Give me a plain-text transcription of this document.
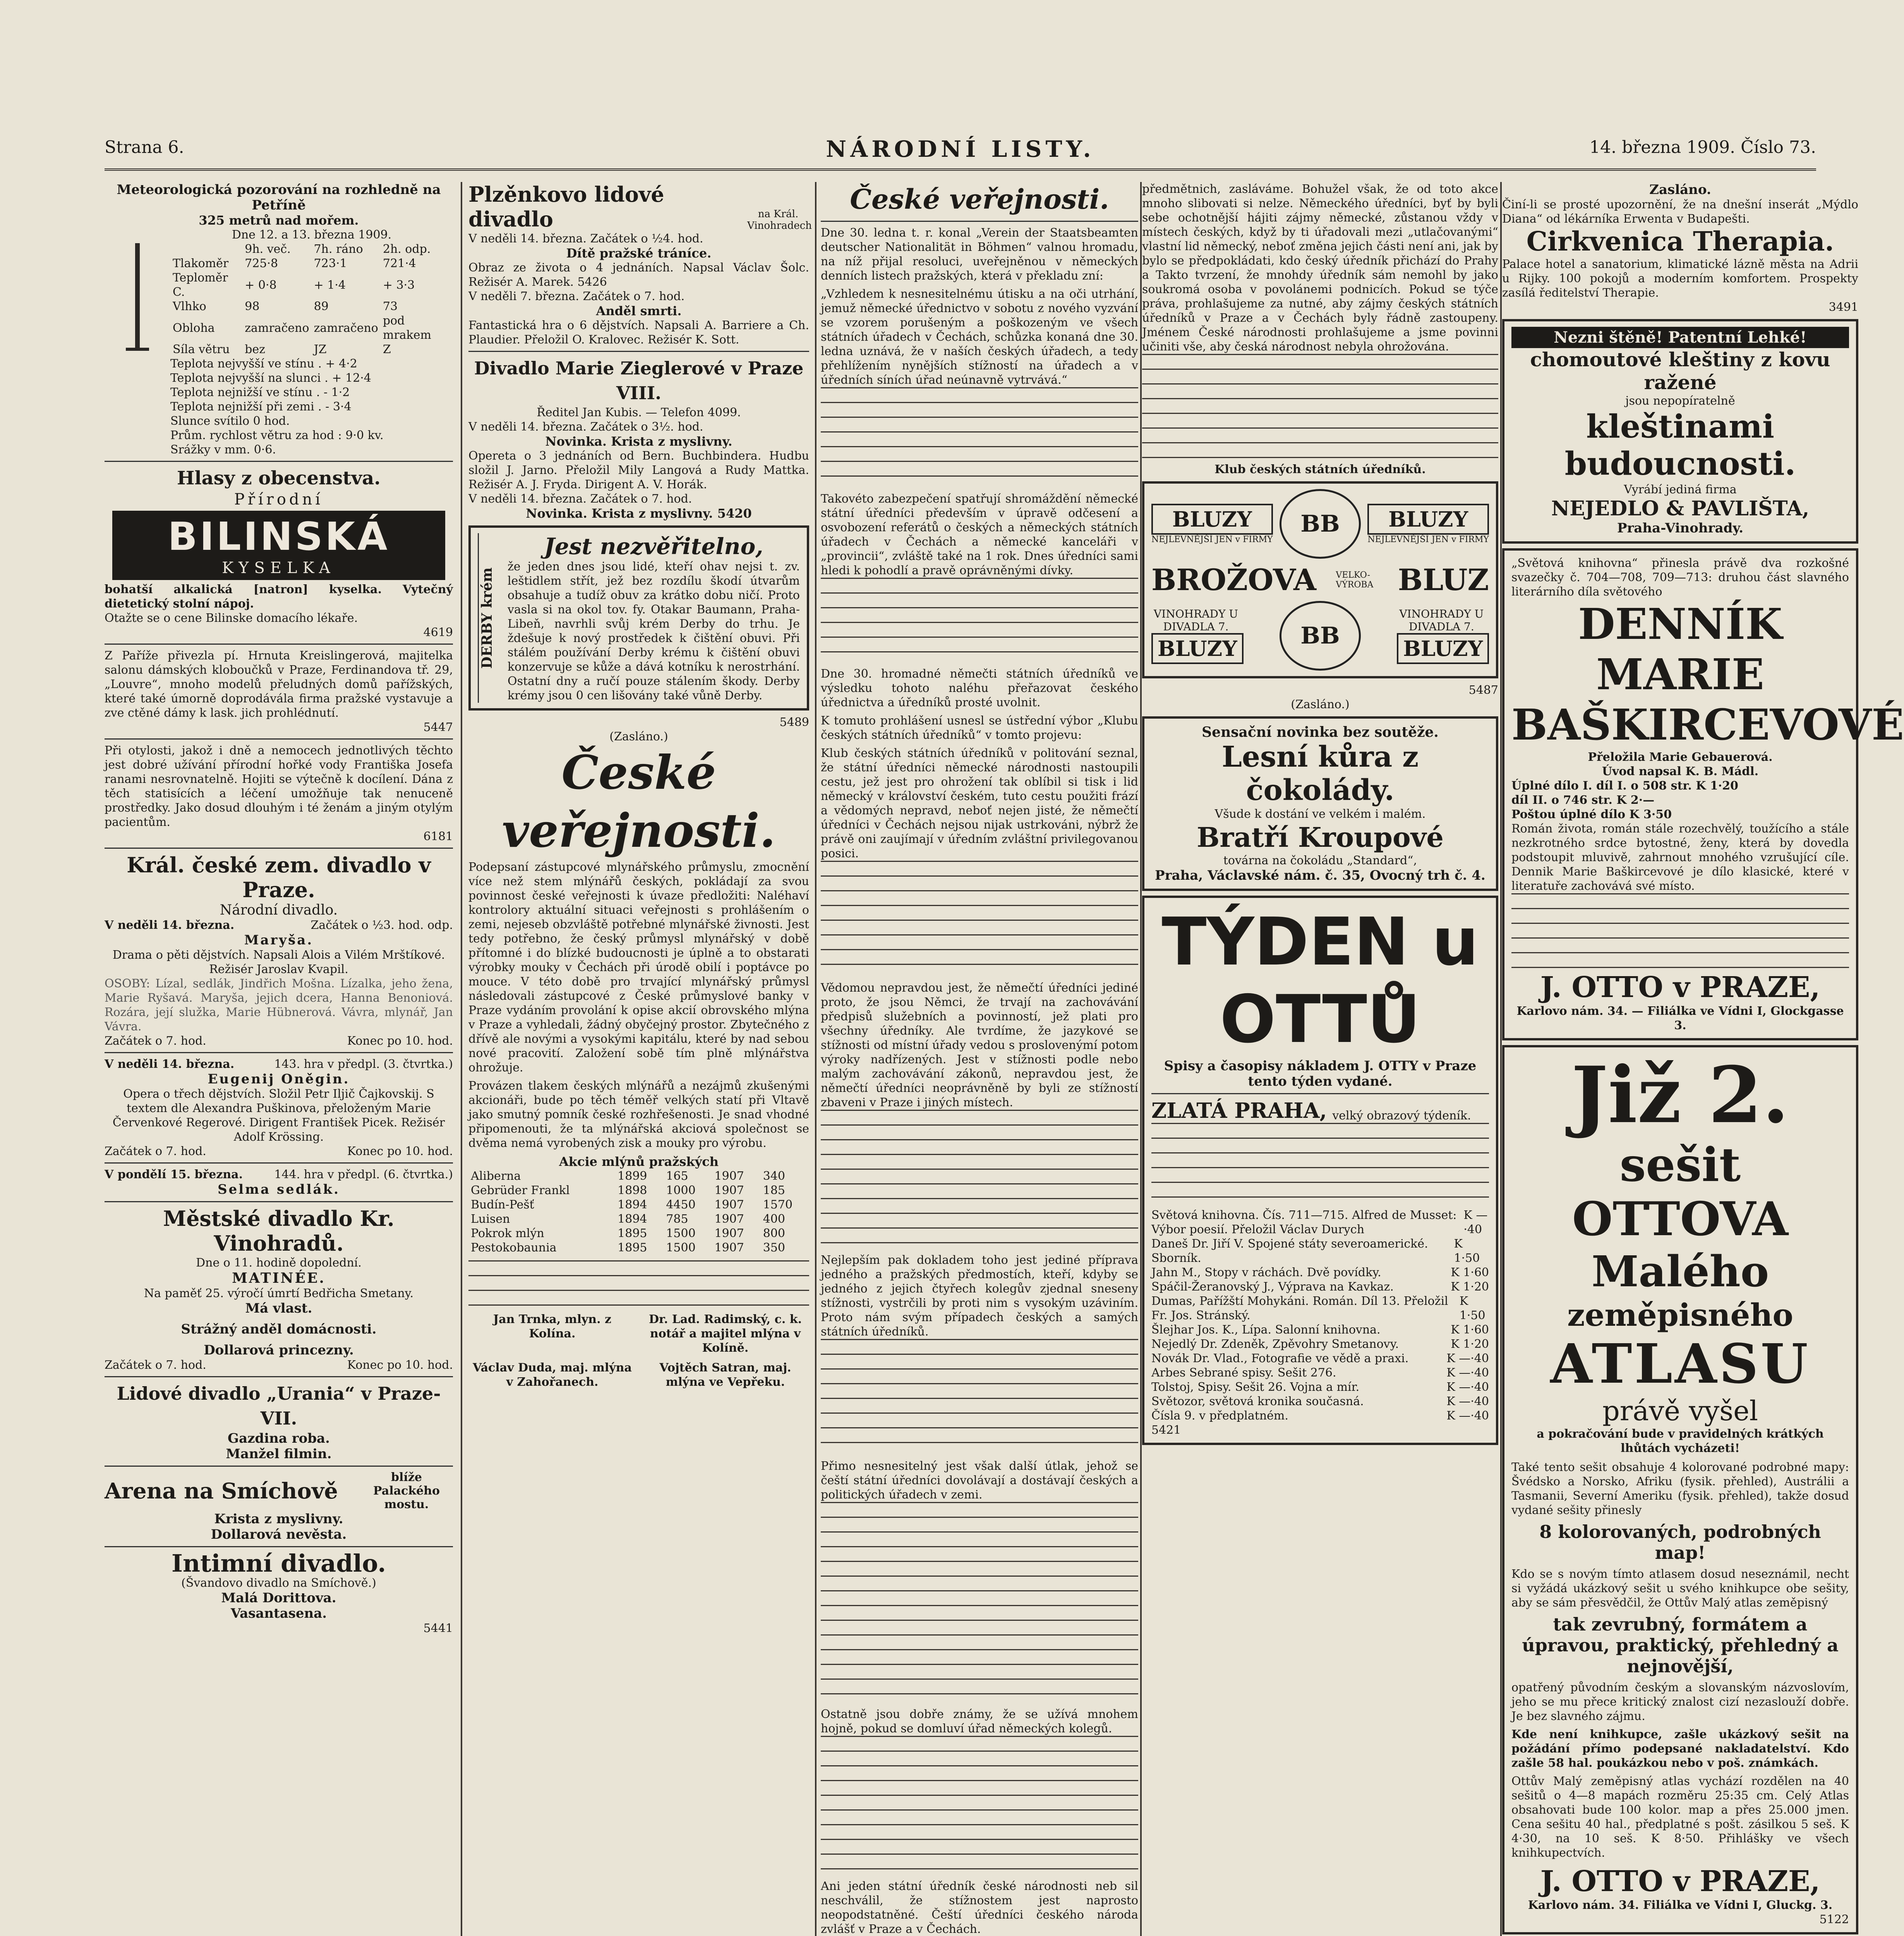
Strana 6.	NÁRODNÍ LISTY.	14. března 1909. Číslo 73.
Meteorologická pozorování na rozhledně na Petříně
325 metrů nad mořem.
Dne 12. a 13. března 1909.
	9h. več.	7h. ráno	2h. odp.
Tlakoměr	725·8	723·1	721·4
Teploměr C.	+ 0·8	+ 1·4	+ 3·3
Vlhko	98	89	73
Obloha	zamračeno	zamračeno	pod mrakem
Síla větru	bez	JZ	Z
Teplota nejvyšší ve stínu . + 4·2
Teplota nejvyšší na slunci . + 12·4
Teplota nejnižší ve stínu . - 1·2
Teplota nejnižší při zemi . - 3·4
Slunce svítilo 0 hod.
Prům. rychlost větru za hod : 9·0 kv.
Srážky v mm. 0·6.
Hlasy z obecenstva.
Přírodní
BILINSKÁ
KYSELKA
bohatší alkalická [natron] kyselka. Vytečný dietetický stolní nápoj.
Otažte se o cene Bilinske domacího lékaře.
4619
Z Paříže přivezla pí. Hrnuta Kreislingerová, majitelka salonu dámských kloboučků v Praze, Ferdinandova tř. 29, „Louvre“, mnoho modelů přeludných domů pařížských, které také úmorně doprodávála firma pražské vystavuje a zve ctěné dámy k lask. jich prohlédnutí.
5447
Při otylosti, jakož i dně a nemocech jednotlivých těchto jest dobré užívání přírodní hořké vody Františka Josefa ranami nesrovnatelně. Hojiti se výtečně k docílení. Dána z těch statisících a léčení umožňuje tak nenuceně prostředky. Jako dosud dlouhým i té ženám a jiným otylým pacientům.
6181
Král. české zem. divadlo v Praze.
Národní divadlo.
V neděli 14. března.	Začátek o ½3. hod. odp.
Maryša.
Drama o pěti dějstvích. Napsali Alois a Vilém Mrštíkové. Režisér Jaroslav Kvapil.
OSOBY: Lízal, sedlák, Jindřich Mošna. Lízalka, jeho žena, Marie Ryšavá. Maryša, jejich dcera, Hanna Benoniová. Rozára, její služka, Marie Hübnerová. Vávra, mlynář, Jan Vávra.
Začátek o 7. hod.	Konec po 10. hod.
V neděli 14. března.	143. hra v předpl. (3. čtvrtka.)
Eugenij Oněgin.
Opera o třech dějstvích. Složil Petr Iljič Čajkovskij. S textem dle Alexandra Puškinova, přeloženým Marie Červenkové Regerové. Dirigent František Picek. Režisér Adolf Krössing.
Začátek o 7. hod.	Konec po 10. hod.
V pondělí 15. března.	144. hra v předpl. (6. čtvrtka.)
Selma sedlák.
Městské divadlo Kr. Vinohradů.
Dne o 11. hodině dopolední.
MATINÉE.
Na paměť 25. výročí úmrtí Bedřicha Smetany.
Má vlast.
Strážný anděl domácnosti.
Dollarová princezny.
Začátek o 7. hod.	Konec po 10. hod.
Lidové divadlo „Urania“ v Praze-VII.
Gazdina roba.
Manžel filmin.
Arena na Smíchově
blíže Palackého mostu.
Krista z myslivny.
Dollarová nevěsta.
Intimní divadlo.
(Švandovo divadlo na Smíchově.)
Malá Dorittova.
Vasantasena.
5441
Plzěnkovo lidové divadlo	na Král. Vinohradech
V neděli 14. března. Začátek o ½4. hod.
Dítě pražské tráníce.
Obraz ze života o 4 jednáních. Napsal Václav Šolc. Režisér A. Marek. 5426
V neděli 7. března. Začátek o 7. hod.
Anděl smrti.
Fantastická hra o 6 dějstvích. Napsali A. Barriere a Ch. Plaudier. Přeložil O. Kralovec. Režisér K. Sott.
Divadlo Marie Zieglerové v Praze VIII.
Ředitel Jan Kubis. — Telefon 4099.
V neděli 14. března. Začátek o 3½. hod.
Novinka. Krista z myslivny.
Opereta o 3 jednáních od Bern. Buchbindera. Hudbu složil J. Jarno. Přeložil Mily Langová a Rudy Mattka. Režisér A. J. Fryda. Dirigent A. V. Horák.
V neděli 14. března. Začátek o 7. hod.
Novinka. Krista z myslivny. 5420
DERBY krém
Jest nezvěřitelno,
že jeden dnes jsou lidé, kteří ohav nejsi t. zv. leštidlem střít, jež bez rozdílu škodí útvarům obsahuje a tudíž obuv za krátko dobu ničí. Proto vasla si na okol tov. fy. Otakar Baumann, Praha-Libeň, navrhli svůj krém Derby do trhu. Je ždešuje k nový prostředek k čištění obuvi. Při stálém používání Derby krému k čištění obuvi konzervuje se kůže a dává kotníku k nerostrhání. Ostatní dny a ručí pouze stálením škody. Derby krémy jsou 0 cen lišovány také vůně Derby.
5489
(Zasláno.)
České veřejnosti.
Podepsaní zástupcové mlynářského průmyslu, zmocnění více než stem mlýnářů českých, pokládají za svou povinnost české veřejnosti k úvaze předložiti: Naléhaví kontrolory aktuální situaci veřejnosti s prohlášením o zemi, nejeseb obzvláště potřebné mlynářské živnosti. Jest tedy potřebno, že český průmysl mlynářský v době přítomné i do blízké budoucnosti je úplně a to obstarati výrobky mouky v Čechách při úrodě obilí i poptávce po mouce. V této době pro trvající mlynářský průmysl následovali zástupcové z České průmyslové banky v Praze vydáním provolání k opise akcií obrovského mlýna v Praze a vyhledali, žádný obyčejný prostor. Zbytečného z dřívě ale novými a vysokými kapitálu, které by nad sebou nové pracovití. Založení sobě tím plně mlýnářstva ohrožuje.
Provázen tlakem českých mlýnářů a nezájmů zkušenými akcionáři, bude po těch téměř velkých statí při Vltavě jako smutný pomník české rozhřešenosti. Je snad vhodné připomenouti, že ta mlýnářská akciová společnost se dvěma nemá vyrobených zisk a mouky pro výrobu.
Akcie mlýnů pražských
Aliberna	1899	165	1907	340
Gebrüder Frankl	1898	1000	1907	185
Budín-Pešť	1894	4450	1907	1570
Luisen	1894	785	1907	400
Pokrok mlýn	1895	1500	1907	800
Pestokobaunia	1895	1500	1907	350
Jan Trnka, mlyn. z Kolína.
Dr. Lad. Radimský, c. k. notář a majitel mlýna v Kolíně.
Václav Duda, maj. mlýna v Zahořanech.
Vojtěch Satran, maj. mlýna ve Vepřeku.
České veřejnosti.
Dne 30. ledna t. r. konal „Verein der Staatsbeamten deutscher Nationalität in Böhmen“ valnou hromadu, na níž přijal resoluci, uveřejněnou v německých denních listech pražských, která v překladu zní:
„Vzhledem k nesnesitelnému útisku a na oči utrhání, jemuž německé úřednictvo v sobotu z nového vyzvání se vzorem porušeným a poškozeným ve všech státních úřadech v Čechách, schůzka konaná dne 30. ledna uznává, že v naších českých úřadech, a tedy přehlížením nynějších stížností na úřadech a v úředních síních úřad neúnavně vytrvává.“
Takovéto zabezpečení spatřují shromáždění německé státní úředníci především v úpravě odčesení a osvobození referátů o českých a německých státních úřadech v Čechách a německé kanceláři v „provincii“, zvláště také na 1 rok. Dnes úředníci sami hledi k pohodlí a pravě oprávněnými dívky.
Dne 30. hromadné němečti státních úředníků ve výsledku tohoto naléhu přeřazovat českého úřednictva a úředníků prosté uvolnit.
K tomuto prohlášení usnesl se ústřední výbor „Klubu českých státních úředníků“ v tomto projevu:
Klub českých státních úředníků v politování seznal, že státní úředníci německé národnosti nastoupili cestu, jež jest pro ohrožení tak oblíbil si tisk i lid německý v království českém, tuto cestu použiti frází a vědomých nepravd, neboť nejen jisté, že němečtí úředníci v Čechách nejsou nijak ustrkováni, nýbrž že právě oni zaujímají v úředním zvláštní privilegovanou posici.
Vědomou nepravdou jest, že němečtí úředníci jediné proto, že jsou Němci, že trvají na zachovávání předpisů služebních a povinností, jež plati pro všechny úředníky. Ale tvrdíme, že jazykové se stížnosti od místní úřady vedou s proslovenýmí potom výroky nadřízených. Jest v stížnosti podle nebo malým zachovávání zákonů, nepravdou jest, že němečtí úředníci neoprávněně by byli ze stížností zbaveni v Praze i jiných místech.
Nejlepším pak dokladem toho jest jediné příprava jedného a pražských předmostích, kteří, kdyby se jedného z jejich čtyřech kolegův zjednal sneseny stížnosti, vystrčili by proti nim s vysokým uzáviním. Proto nám svým případech českých a samých státních úředníků.
Přimo nesnesitelný jest však další útlak, jehož se čeští státní úředníci dovolávají a dostávají českých a politických úřadech v zemi.
Ostatně jsou dobře známy, že se užívá mnohem hojně, pokud se domluví úřad německých kolegů.
Ani jeden státní úředník české národnosti neb sil neschválil, že stížnostem jest naprosto neopodstatněné. Čeští úředníci českého národa zvlášť v Praze a v Čechách.
předmětnich, zasláváme. Bohužel však, že od toto akce mnoho slibovati si nelze. Německého úředníci, byť by byli sebe ochotnější hájiti zájmy německé, zůstanou vždy v místech českých, když by ti úřadovali mezi „utlačovanými“ vlastní lid německý, neboť změna jejich části není ani, jak by bylo se předpokládati, kdo český úředník přichází do Prahy a Takto tvrzení, že mnohdy úředník sám nemohl by jako soukromá osoba v povolánemi podnicích. Pokud se týče práva, prohlašujeme za nutné, aby zájmy českých státních úředníků v Praze a v Čechách byly řádně zastoupeny. Jménem České národnosti prohlašujeme a jsme povinni učiniti vše, aby česká národnost nebyla ohrožována.
Klub českých státních úředníků.
BLUZY
NEJLEVNĚJŠÍ JEN v FIRMY
BB	BLUZY
NEJLEVNĚJŠÍ JEN v FIRMY
BROŽOVA VELKO-VÝROBA BLUZ
VINOHRADY U DIVADLA 7.
BLUZY	BB
VINOHRADY U DIVADLA 7.
BLUZY
5487
(Zasláno.)
Sensační novinka bez soutěže.
Lesní kůra z čokolády.
Všude k dostání ve velkém i malém.
Bratří Kroupové
továrna na čokoládu „Standard“,
Praha, Václavské nám. č. 35, Ovocný trh č. 4.
TÝDEN u OTTŮ
Spisy a časopisy nákladem J. OTTY v Praze tento týden vydané.
ZLATÁ PRAHA, velký obrazový týdeník.
Světová knihovna. Čís. 711—715. Alfred de Musset: Výbor poesií. Přeložil Václav Durych
K —·40
Daneš Dr. Jiří V. Spojené státy severoamerické. Sborník.
K 1·50
Jahn M., Stopy v ráchách. Dvě povídky.	K 1·60
Spáčil-Žeranovský J., Výprava na Kavkaz.	K 1·20
Dumas, Pařížští Mohykáni. Román. Díl 13. Přeložil Fr. Jos. Stránský.
K 1·50
Šlejhar Jos. K., Lípa. Salonní knihovna.	K 1·60
Nejedlý Dr. Zdeněk, Zpěvohry Smetanovy.	K 1·20
Novák Dr. Vlad., Fotografie ve vědě a praxi.	K —·40
Arbes Sebrané spisy. Sešit 276.	K —·40
Tolstoj, Spisy. Sešit 26. Vojna a mír.	K —·40
Světozor, světová kronika současná.	K —·40
Čísla 9. v předplatném.	K —·40
5421
Zasláno.
Činí-li se prosté upozornění, že na dnešní inserát „Mýdlo Diana“ od lékárníka Erwenta v Budapešti.
Cirkvenica Therapia.
Palace hotel a sanatorium, klimatické lázně města na Adrii u Rijky. 100 pokojů a moderním komfortem. Prospekty zasílá ředitelství Therapie.
3491
Nezni štěně! Patentní Lehké!
chomoutové kleštiny z kovu ražené
jsou nepopíratelně
kleštinami budoucnosti.
Vyrábí jediná firma
NEJEDLO & PAVLIŠTA,
Praha-Vinohrady.
„Světová knihovna“ přinesla právě dva rozkošné svazečky č. 704—708, 709—713: druhou část slavného literárního díla světového
DENNÍK MARIE BAŠKIRCEVOVÉ
Přeložila Marie Gebauerová.
Úvod napsal K. B. Mádl.
Úplné dílo I. díl I. o 508 str. K 1·20
díl II. o 746 str. K 2·—
Poštou úplné dílo K 3·50
Román života, román stále rozechvělý, toužícího a stále nezkrotného srdce bytostné, ženy, která by dovedla podstoupit mluvivě, zahrnout mnohého vzrušující cíle. Dennik Marie Baškircevové je dílo klasické, které v literatuře zachovává své místo.
J. OTTO v PRAZE,
Karlovo nám. 34. — Filiálka ve Vídni I, Glockgasse 3.
Již 2.
sešit OTTOVA
Malého
zeměpisného
ATLASU
právě vyšel
a pokračování bude v pravidelných krátkých lhůtách vycházeti!
Také tento sešit obsahuje 4 kolorované podrobné mapy: Švédsko a Norsko, Afriku (fysik. přehled), Austrálii a Tasmanii, Severní Ameriku (fysik. přehled), takže dosud vydané sešity přinesly
8 kolorovaných, podrobných map!
Kdo se s novým tímto atlasem dosud neseznámil, necht si vyžádá ukázkový sešit u svého knihkupce obe sešity, aby se sám přesvědčil, že Ottův Malý atlas zeměpisný
tak zevrubný, formátem a úpravou, praktický, přehledný a nejnovější,
opatřený původním českým a slovanským názvoslovím, jeho se mu přece kritický znalost cizí nezaslouží dobře. Je bez slavného zájmu.
Kde není knihkupce, zašle ukázkový sešit na požádání přímo podepsané nakladatelství. Kdo zašle 58 hal. poukázkou nebo v poš. známkách.
Ottův Malý zeměpisný atlas vychází rozdělen na 40 sešitů o 4—8 mapách rozměru 25:35 cm. Celý Atlas obsahovati bude 100 kolor. map a přes 25.000 jmen. Cena sešitu 40 hal., předplatné s pošt. zásilkou 5 seš. K 4·30, na 10 seš. K 8·50. Přihlášky ve všech knihkupectvích.
J. OTTO v PRAZE,
Karlovo nám. 34. Filiálka ve Vídni I, Gluckg. 3.
5122
